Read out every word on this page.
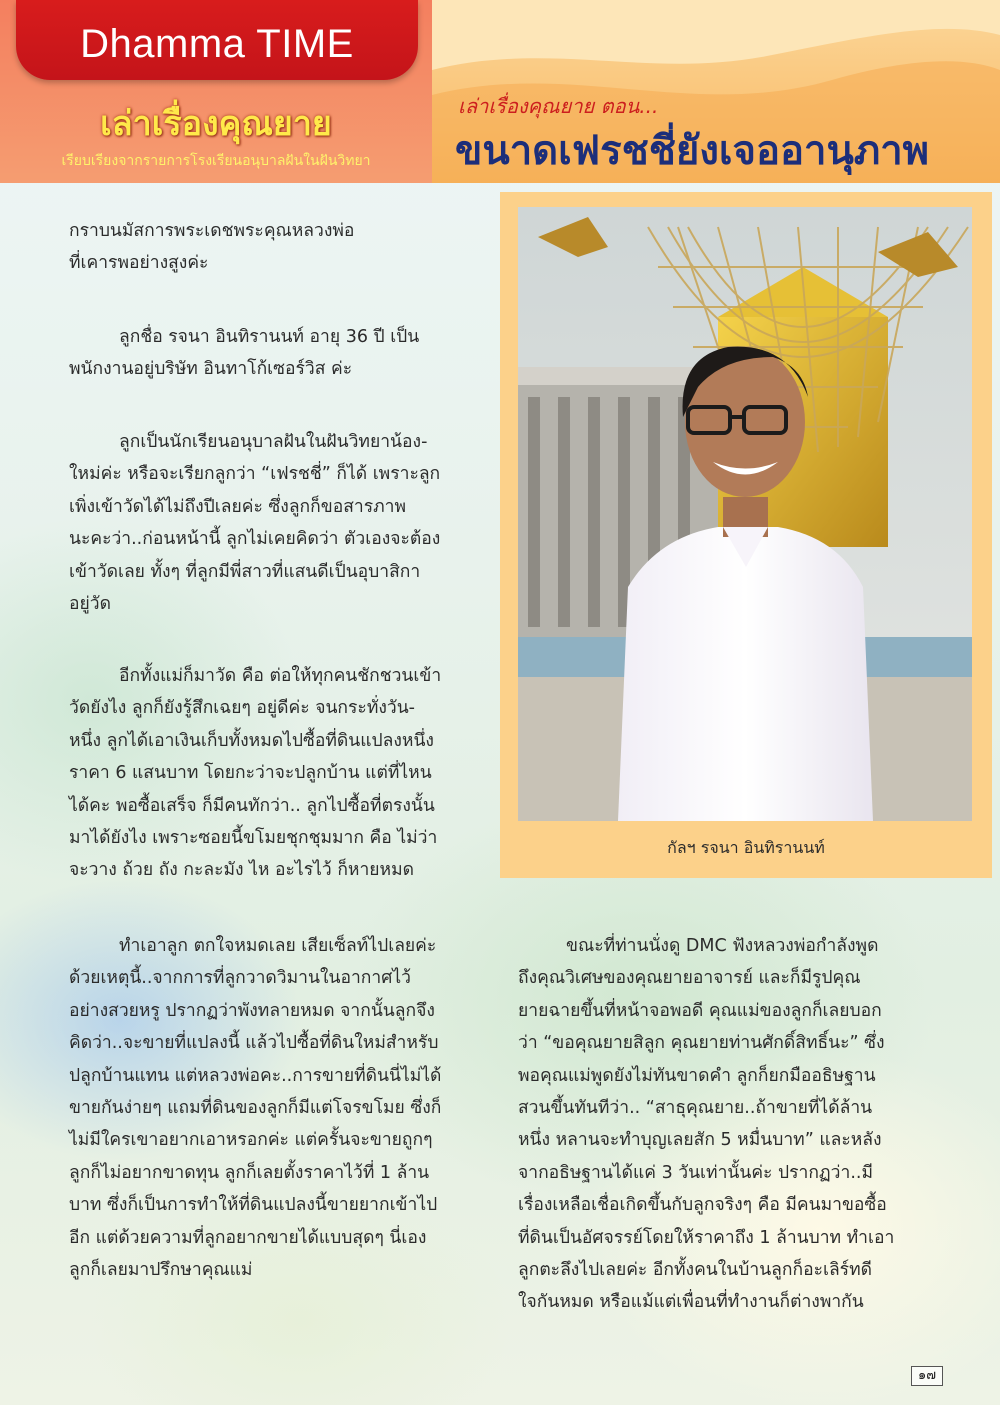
Dhamma TIME
เล่าเรื่องคุณยาย
เรียบเรียงจากรายการโรงเรียนอนุบาลฝันในฝันวิทยา
เล่าเรื่องคุณยาย ตอน...
ขนาดเฟรชชี่ยังเจออานุภาพ
กัลฯ รจนา อินทิรานนท์

กราบนมัสการพระเดชพระคุณหลวงพ่อ
ที่เคารพอย่างสูงค่ะ

ลูกชื่อ รจนา อินทิรานนท์ อายุ 36 ปี เป็น
พนักงานอยู่บริษัท อินทาโก้เซอร์วิส ค่ะ

ลูกเป็นนักเรียนอนุบาลฝันในฝันวิทยาน้อง-
ใหม่ค่ะ หรือจะเรียกลูกว่า “เฟรชชี่” ก็ได้ เพราะลูก
เพิ่งเข้าวัดได้ไม่ถึงปีเลยค่ะ ซึ่งลูกก็ขอสารภาพ
นะคะว่า..ก่อนหน้านี้ ลูกไม่เคยคิดว่า ตัวเองจะต้อง
เข้าวัดเลย ทั้งๆ ที่ลูกมีพี่สาวที่แสนดีเป็นอุบาสิกา
อยู่วัด

อีกทั้งแม่ก็มาวัด คือ ต่อให้ทุกคนชักชวนเข้า
วัดยังไง ลูกก็ยังรู้สึกเฉยๆ อยู่ดีค่ะ จนกระทั่งวัน-
หนึ่ง ลูกได้เอาเงินเก็บทั้งหมดไปซื้อที่ดินแปลงหนึ่ง
ราคา 6 แสนบาท โดยกะว่าจะปลูกบ้าน แต่ที่ไหน
ได้คะ พอซื้อเสร็จ ก็มีคนทักว่า.. ลูกไปซื้อที่ตรงนั้น
มาได้ยังไง เพราะซอยนี้ขโมยชุกชุมมาก คือ ไม่ว่า
จะวาง ถ้วย ถัง กะละมัง ไห อะไรไว้ ก็หายหมด

ทำเอาลูก ตกใจหมดเลย เสียเซ็ลท์ไปเลยค่ะ
ด้วยเหตุนี้..จากการที่ลูกวาดวิมานในอากาศไว้
อย่างสวยหรู ปรากฏว่าพังทลายหมด จากนั้นลูกจึง
คิดว่า..จะขายที่แปลงนี้ แล้วไปซื้อที่ดินใหม่สำหรับ
ปลูกบ้านแทน แต่หลวงพ่อคะ..การขายที่ดินนี่ไม่ได้
ขายกันง่ายๆ แถมที่ดินของลูกก็มีแต่โจรขโมย ซึ่งก็
ไม่มีใครเขาอยากเอาหรอกค่ะ แต่ครั้นจะขายถูกๆ
ลูกก็ไม่อยากขาดทุน ลูกก็เลยตั้งราคาไว้ที่ 1 ล้าน
บาท ซึ่งก็เป็นการทำให้ที่ดินแปลงนี้ขายยากเข้าไป
อีก แต่ด้วยความที่ลูกอยากขายได้แบบสุดๆ นี่เอง
ลูกก็เลยมาปรึกษาคุณแม่

ขณะที่ท่านนั่งดู DMC ฟังหลวงพ่อกำลังพูด
ถึงคุณวิเศษของคุณยายอาจารย์ และก็มีรูปคุณ
ยายฉายขึ้นที่หน้าจอพอดี คุณแม่ของลูกก็เลยบอก
ว่า “ขอคุณยายสิลูก คุณยายท่านศักดิ์สิทธิ์นะ” ซึ่ง
พอคุณแม่พูดยังไม่ทันขาดคำ ลูกก็ยกมืออธิษฐาน
สวนขึ้นทันทีว่า.. “สาธุคุณยาย..ถ้าขายที่ได้ล้าน
หนึ่ง หลานจะทำบุญเลยสัก 5 หมื่นบาท” และหลัง
จากอธิษฐานได้แค่ 3 วันเท่านั้นค่ะ ปรากฏว่า..มี
เรื่องเหลือเชื่อเกิดขึ้นกับลูกจริงๆ คือ มีคนมาขอซื้อ
ที่ดินเป็นอัศจรรย์โดยให้ราคาถึง 1 ล้านบาท ทำเอา
ลูกตะลึงไปเลยค่ะ อีกทั้งคนในบ้านลูกก็อะเลิร์ทดี
ใจกันหมด หรือแม้แต่เพื่อนที่ทำงานก็ต่างพากัน

๑๗
